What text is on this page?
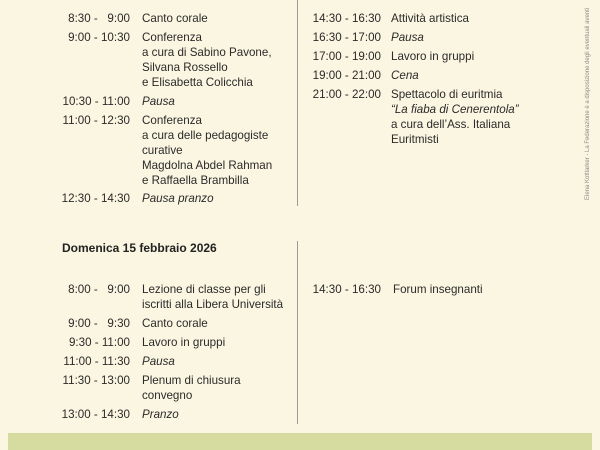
8:30 -   9:00 Canto corale
9:00 - 10:30 Conferenza
a cura di Sabino Pavone,
Silvana Rossello
e Elisabetta Colicchia
10:30 - 11:00 Pausa
11:00 - 12:30 Conferenza
a cura delle pedagogiste
curative
Magdolna Abdel Rahman
e Raffaella Brambilla
12:30 - 14:30 Pausa pranzo
14:30 - 16:30 Attività artistica
16:30 - 17:00 Pausa
17:00 - 19:00 Lavoro in gruppi
19:00 - 21:00 Cena
21:00 - 22:00 Spettacolo di euritmia
“La fiaba di Cenerentola”
a cura dell’Ass. Italiana
Euritmisti
Domenica 15 febbraio 2026
8:00 -   9:00 Lezione di classe per gli
iscritti alla Libera Università
9:00 -   9:30 Canto corale
9:30 - 11:00 Lavoro in gruppi
11:00 - 11:30 Pausa
11:30 - 13:00 Plenum di chiusura
convegno
13:00 - 14:30 Pranzo
14:30 - 16:30 Forum insegnanti
Elena Kottlarker - La Federazione è a disposizione degli eventuali aventi
